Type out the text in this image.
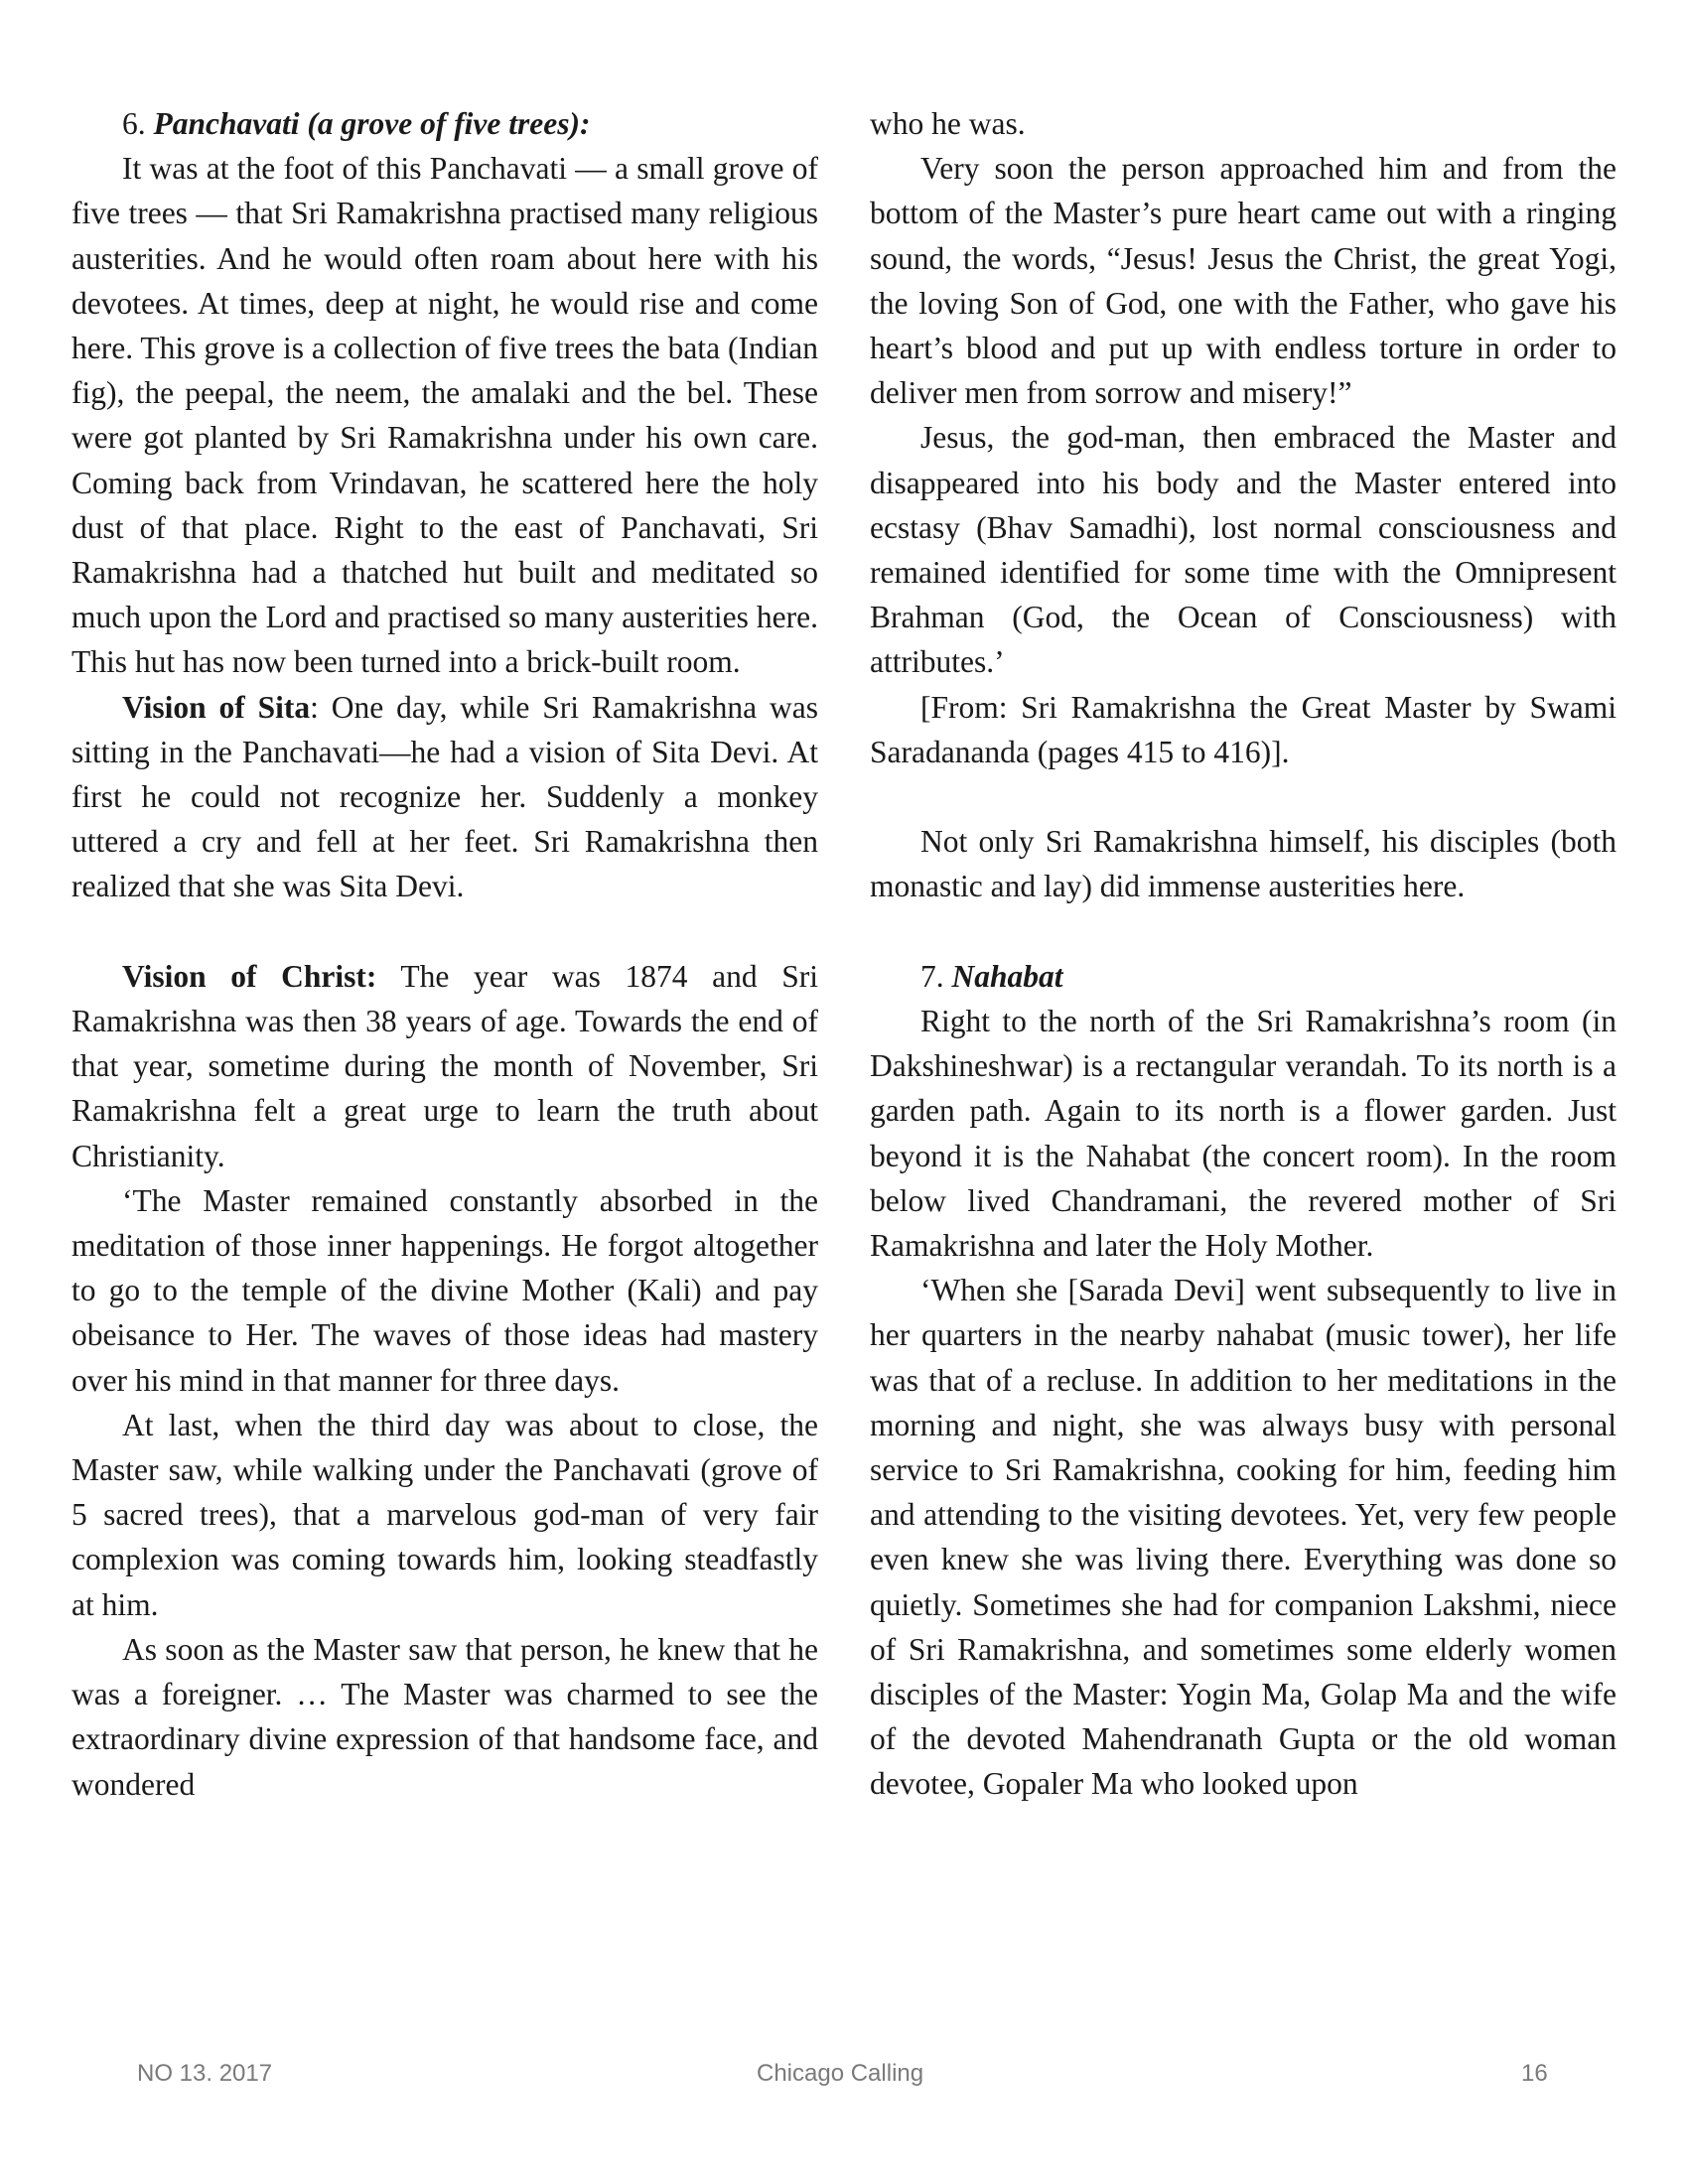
6. Panchavati (a grove of five trees):

It was at the foot of this Panchavati — a small grove of five trees — that Sri Ramakrishna practised many religious austerities. And he would often roam about here with his devotees. At times, deep at night, he would rise and come here. This grove is a collection of five trees the bata (Indian fig), the peepal, the neem, the amalaki and the bel. These were got planted by Sri Ramakrishna under his own care. Coming back from Vrindavan, he scattered here the holy dust of that place. Right to the east of Panchavati, Sri Ramakrishna had a thatched hut built and meditated so much upon the Lord and practised so many austerities here. This hut has now been turned into a brick-built room.

Vision of Sita: One day, while Sri Ramakrishna was sitting in the Panchavati—he had a vision of Sita Devi. At first he could not recognize her. Suddenly a monkey uttered a cry and fell at her feet. Sri Ramakrishna then realized that she was Sita Devi.

Vision of Christ: The year was 1874 and Sri Ramakrishna was then 38 years of age. Towards the end of that year, sometime during the month of November, Sri Ramakrishna felt a great urge to learn the truth about Christianity.

‘The Master remained constantly absorbed in the meditation of those inner happenings. He forgot altogether to go to the temple of the divine Mother (Kali) and pay obeisance to Her. The waves of those ideas had mastery over his mind in that manner for three days.

At last, when the third day was about to close, the Master saw, while walking under the Panchavati (grove of 5 sacred trees), that a marvelous god-man of very fair complexion was coming towards him, looking steadfastly at him.

As soon as the Master saw that person, he knew that he was a foreigner. … The Master was charmed to see the extraordinary divine expression of that handsome face, and wondered

who he was.

Very soon the person approached him and from the bottom of the Master’s pure heart came out with a ringing sound, the words, “Jesus! Jesus the Christ, the great Yogi, the loving Son of God, one with the Father, who gave his heart’s blood and put up with endless torture in order to deliver men from sorrow and misery!”

Jesus, the god-man, then embraced the Master and disappeared into his body and the Master entered into ecstasy (Bhav Samadhi), lost normal consciousness and remained identified for some time with the Omnipresent Brahman (God, the Ocean of Consciousness) with attributes.’

[From: Sri Ramakrishna the Great Master by Swami Saradananda (pages 415 to 416)].

Not only Sri Ramakrishna himself, his disciples (both monastic and lay) did immense austerities here.

7. Nahabat

Right to the north of the Sri Ramakrishna’s room (in Dakshineshwar) is a rectangular verandah. To its north is a garden path. Again to its north is a flower garden. Just beyond it is the Nahabat (the concert room). In the room below lived Chandramani, the revered mother of Sri Ramakrishna and later the Holy Mother.

‘When she [Sarada Devi] went subsequently to live in her quarters in the nearby nahabat (music tower), her life was that of a recluse. In addition to her meditations in the morning and night, she was always busy with personal service to Sri Ramakrishna, cooking for him, feeding him and attending to the visiting devotees. Yet, very few people even knew she was living there. Everything was done so quietly. Sometimes she had for companion Lakshmi, niece of Sri Ramakrishna, and sometimes some elderly women disciples of the Master: Yogin Ma, Golap Ma and the wife of the devoted Mahendranath Gupta or the old woman devotee, Gopaler Ma who looked upon

NO 13. 2017	Chicago Calling	16
